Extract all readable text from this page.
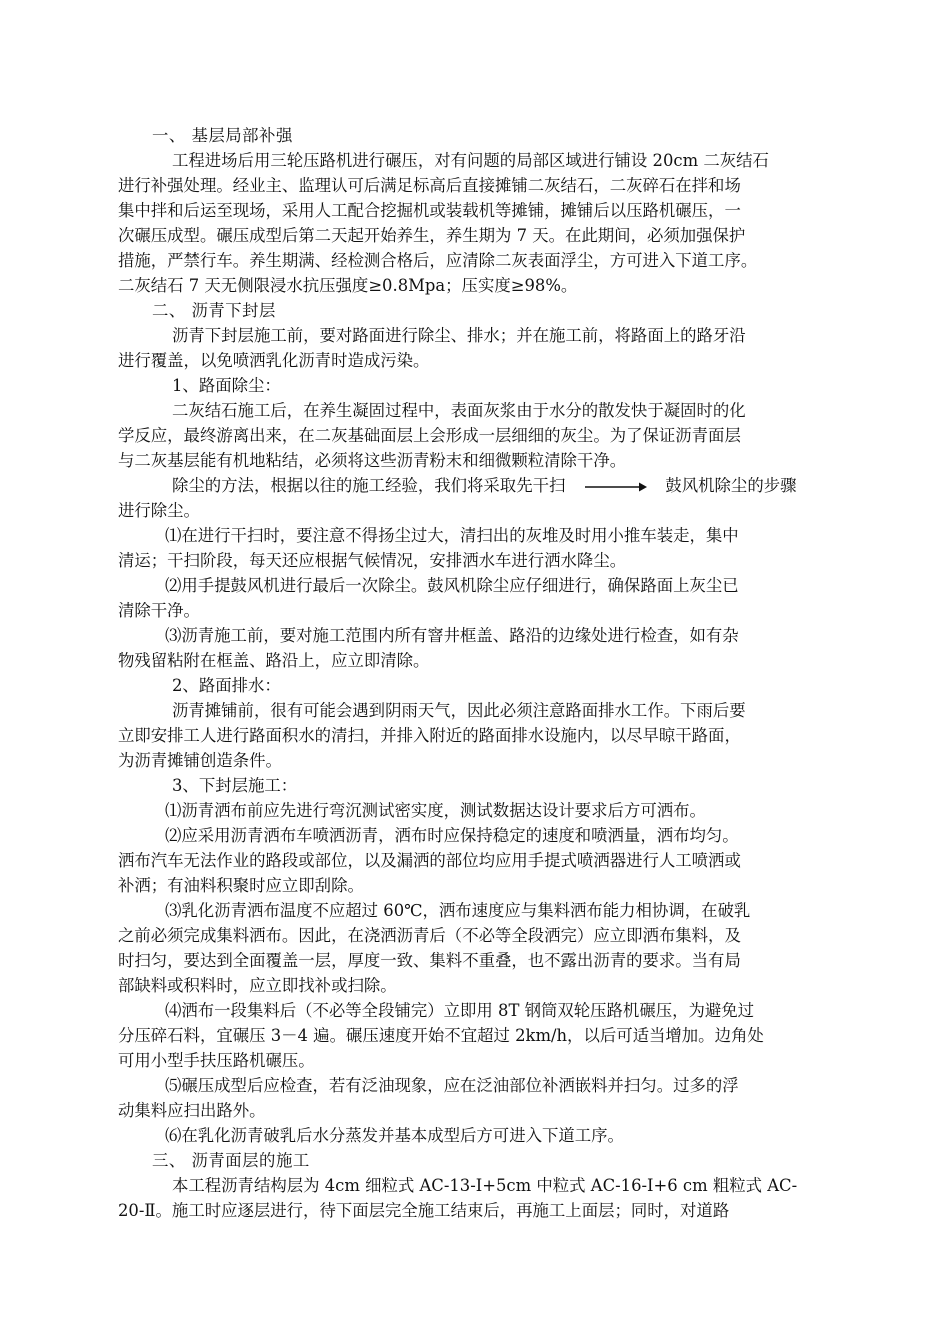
一、 基层局部补强
工程进场后用三轮压路机进行碾压，对有问题的局部区域进行铺设 20cm 二灰结石
进行补强处理。经业主、监理认可后满足标高后直接摊铺二灰结石，二灰碎石在拌和场
集中拌和后运至现场，采用人工配合挖掘机或装载机等摊铺，摊铺后以压路机碾压，一
次碾压成型。碾压成型后第二天起开始养生，养生期为 7 天。在此期间，必须加强保护
措施，严禁行车。养生期满、经检测合格后，应清除二灰表面浮尘，方可进入下道工序。
二灰结石 7 天无侧限浸水抗压强度≥0.8Mpa；压实度≥98%。
二、 沥青下封层
沥青下封层施工前，要对路面进行除尘、排水；并在施工前，将路面上的路牙沿
进行覆盖，以免喷洒乳化沥青时造成污染。
1、路面除尘：
二灰结石施工后，在养生凝固过程中，表面灰浆由于水分的散发快于凝固时的化
学反应，最终游离出来，在二灰基础面层上会形成一层细细的灰尘。为了保证沥青面层
与二灰基层能有机地粘结，必须将这些沥青粉末和细微颗粒清除干净。
除尘的方法，根据以往的施工经验，我们将采取先干扫	鼓风机除尘的步骤
进行除尘。
⑴在进行干扫时，要注意不得扬尘过大，清扫出的灰堆及时用小推车装走，集中
清运；干扫阶段，每天还应根据气候情况，安排洒水车进行洒水降尘。
⑵用手提鼓风机进行最后一次除尘。鼓风机除尘应仔细进行，确保路面上灰尘已
清除干净。
⑶沥青施工前，要对施工范围内所有窨井框盖、路沿的边缘处进行检查，如有杂
物残留粘附在框盖、路沿上，应立即清除。
2、路面排水：
沥青摊铺前，很有可能会遇到阴雨天气，因此必须注意路面排水工作。下雨后要
立即安排工人进行路面积水的清扫，并排入附近的路面排水设施内，以尽早晾干路面，
为沥青摊铺创造条件。
3、下封层施工：
⑴沥青洒布前应先进行弯沉测试密实度，测试数据达设计要求后方可洒布。
⑵应采用沥青洒布车喷洒沥青，洒布时应保持稳定的速度和喷洒量，洒布均匀。
洒布汽车无法作业的路段或部位，以及漏洒的部位均应用手提式喷洒器进行人工喷洒或
补洒；有油料积聚时应立即刮除。
⑶乳化沥青洒布温度不应超过 60℃，洒布速度应与集料洒布能力相协调，在破乳
之前必须完成集料洒布。因此，在浇洒沥青后（不必等全段洒完）应立即洒布集料，及
时扫匀，要达到全面覆盖一层，厚度一致、集料不重叠，也不露出沥青的要求。当有局
部缺料或积料时，应立即找补或扫除。
⑷洒布一段集料后（不必等全段铺完）立即用 8T 钢筒双轮压路机碾压，为避免过
分压碎石料，宜碾压 3－4 遍。碾压速度开始不宜超过 2km/h，以后可适当增加。边角处
可用小型手扶压路机碾压。
⑸碾压成型后应检查，若有泛油现象，应在泛油部位补洒嵌料并扫匀。过多的浮
动集料应扫出路外。
⑹在乳化沥青破乳后水分蒸发并基本成型后方可进入下道工序。
三、 沥青面层的施工
本工程沥青结构层为 4cm 细粒式 AC-13-Ⅰ+5cm 中粒式 AC-16-Ⅰ+6 cm 粗粒式 AC-
20-Ⅱ。施工时应逐层进行，待下面层完全施工结束后，再施工上面层；同时，对道路
